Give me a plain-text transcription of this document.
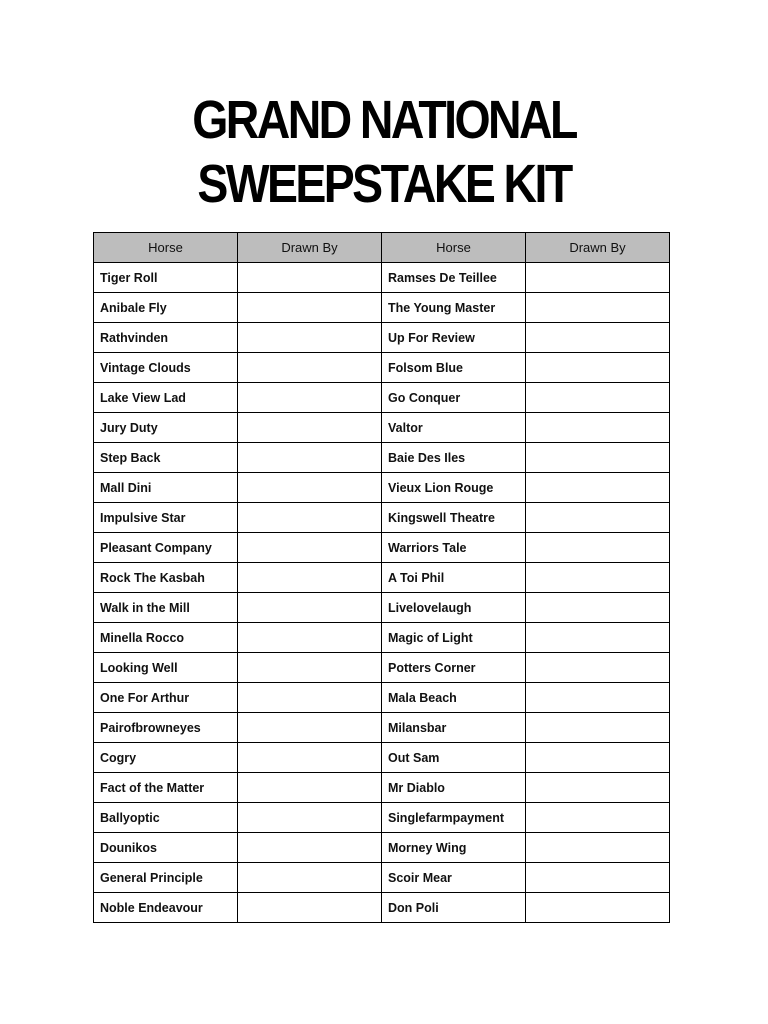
GRAND NATIONAL
SWEEPSTAKE KIT
Horse	Drawn By	Horse	Drawn By
Tiger Roll		Ramses De Teillee	
Anibale Fly		The Young Master	
Rathvinden		Up For Review	
Vintage Clouds		Folsom Blue	
Lake View Lad		Go Conquer	
Jury Duty		Valtor	
Step Back		Baie Des Iles	
Mall Dini		Vieux Lion Rouge	
Impulsive Star		Kingswell Theatre	
Pleasant Company		Warriors Tale	
Rock The Kasbah		A Toi Phil	
Walk in the Mill		Livelovelaugh	
Minella Rocco		Magic of Light	
Looking Well		Potters Corner	
One For Arthur		Mala Beach	
Pairofbrowneyes		Milansbar	
Cogry		Out Sam	
Fact of the Matter		Mr Diablo	
Ballyoptic		Singlefarmpayment	
Dounikos		Morney Wing	
General Principle		Scoir Mear	
Noble Endeavour		Don Poli	
